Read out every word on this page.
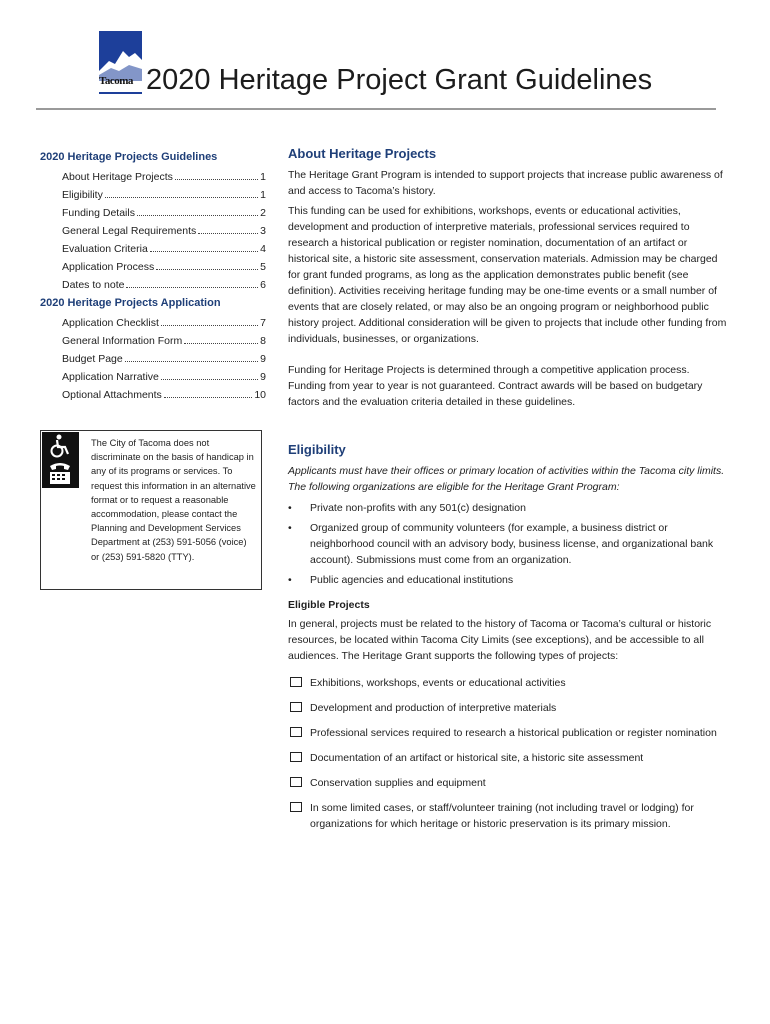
Tacoma 2020 Heritage Project Grant Guidelines
2020 Heritage Projects Guidelines
About Heritage Projects	1
Eligibility	1
Funding Details	2
General Legal Requirements	3
Evaluation Criteria	4
Application Process	5
Dates to note	6
2020 Heritage Projects Application
Application Checklist	7
General Information Form	8
Budget Page	9
Application Narrative	9
Optional Attachments	10
The City of Tacoma does not discriminate on the basis of handicap in any of its programs or services. To request this information in an alternative format or to request a reasonable accommodation, please contact the Planning and Development Services Department at (253) 591-5056 (voice) or (253) 591-5820 (TTY).
About Heritage Projects

The Heritage Grant Program is intended to support projects that increase public awareness of and access to Tacoma’s history.

This funding can be used for exhibitions, workshops, events or educational activities, development and production of interpretive materials, professional services required to research a historical publication or register nomination, documentation of an artifact or historical site, a historic site assessment, conservation materials. Admission may be charged for grant funded programs, as long as the application demonstrates public benefit (see definition). Activities receiving heritage funding may be one-time events or a small number of events that are closely related, or may also be an ongoing program or neighborhood public history project. Additional consideration will be given to projects that include other funding from individuals, businesses, or organizations.

Funding for Heritage Projects is determined through a competitive application process. Funding from year to year is not guaranteed. Contract awards will be based on budgetary factors and the evaluation criteria detailed in these guidelines.

Eligibility

Applicants must have their offices or primary location of activities within the Tacoma city limits. The following organizations are eligible for the Heritage Grant Program:

• Private non-profits with any 501(c) designation
• Organized group of community volunteers (for example, a business district or neighborhood council with an advisory body, business license, and organizational bank account). Submissions must come from an organization.
• Public agencies and educational institutions
Eligible Projects

In general, projects must be related to the history of Tacoma or Tacoma’s cultural or historic resources, be located within Tacoma City Limits (see exceptions), and be accessible to all audiences. The Heritage Grant supports the following types of projects:

Exhibitions, workshops, events or educational activities
Development and production of interpretive materials
Professional services required to research a historical publication or register nomination
Documentation of an artifact or historical site, a historic site assessment
Conservation supplies and equipment
In some limited cases, or staff/volunteer training (not including travel or lodging) for organizations for which heritage or historic preservation is its primary mission.
